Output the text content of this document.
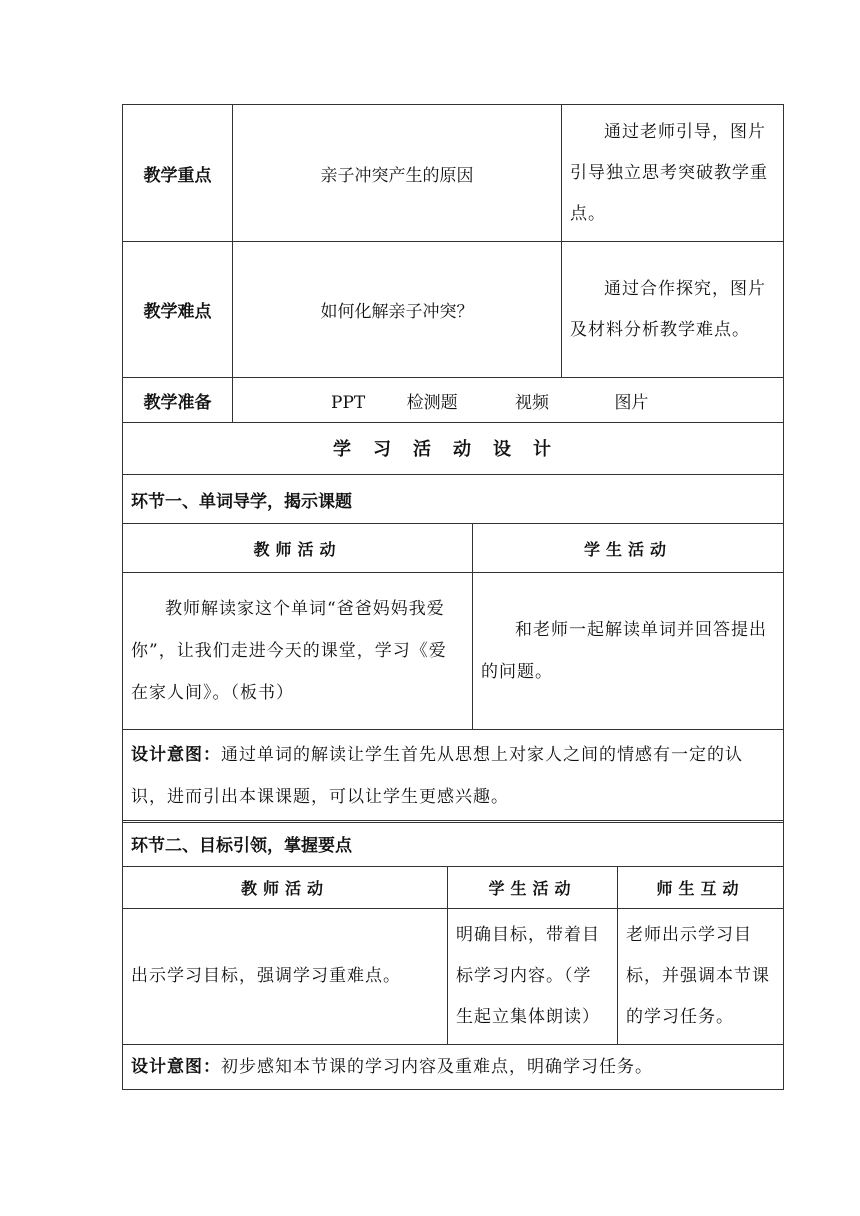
教学重点	亲子冲突产生的原因	通过老师引导，图片引导独立思考突破教学重点。
教学难点	如何化解亲子冲突？	通过合作探究，图片及材料分析教学难点。
教学准备	PPT 检测题 视频 图片	
学习活动设计
环节一、单词导学，揭示课题
教师活动	学生活动
教师解读家这个单词“爸爸妈妈我爱你”，让我们走进今天的课堂，学习《爱在家人间》。（板书）	和老师一起解读单词并回答提出的问题。
设计意图：通过单词的解读让学生首先从思想上对家人之间的情感有一定的认识，进而引出本课课题，可以让学生更感兴趣。
环节二、目标引领，掌握要点
教师活动	学生活动	师生互动
出示学习目标，强调学习重难点。	明确目标，带着目标学习内容。（学生起立集体朗读）	老师出示学习目标，并强调本节课的学习任务。
设计意图：初步感知本节课的学习内容及重难点，明确学习任务。
